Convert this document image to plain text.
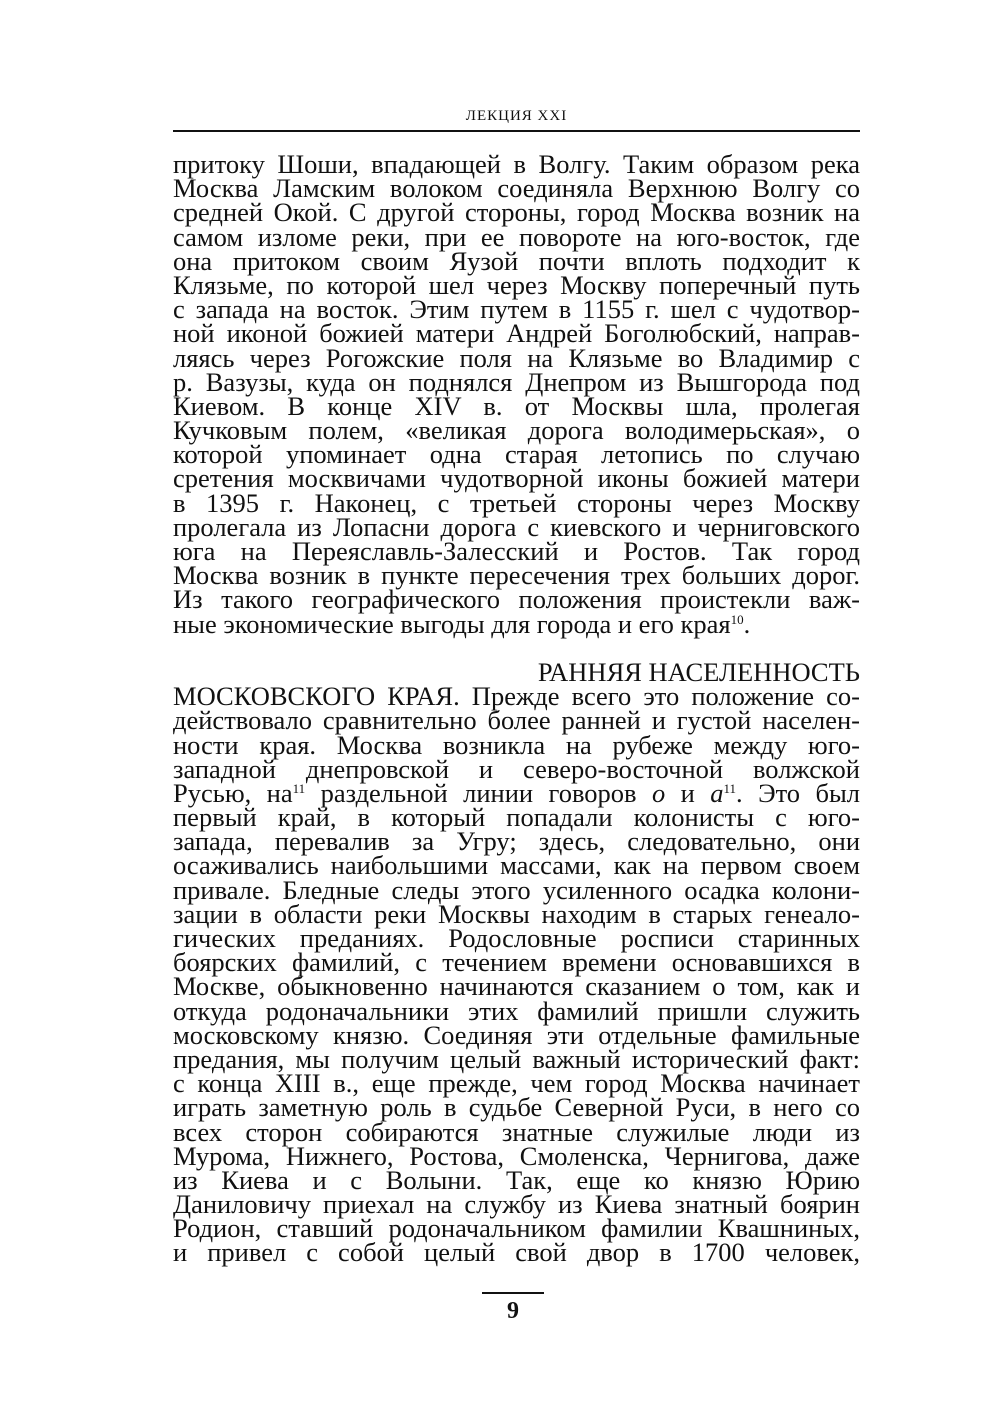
ЛЕКЦИЯ XXI
притоку Шоши, впадающей в Волгу. Таким образом река
Москва Ламским волоком соединяла Верхнюю Волгу со
средней Окой. С другой стороны, город Москва возник на
самом изломе реки, при ее повороте на юго-восток, где
она притоком своим Яузой почти вплоть подходит к
Клязьме, по которой шел через Москву поперечный путь
с запада на восток. Этим путем в 1155 г. шел с чудотвор-
ной иконой божией матери Андрей Боголюбский, направ-
ляясь через Рогожские поля на Клязьме во Владимир с
р. Вазузы, куда он поднялся Днепром из Вышгорода под
Киевом. В конце XIV в. от Москвы шла, пролегая
Кучковым полем, «великая дорога володимерьская», о
которой упоминает одна старая летопись по случаю
сретения москвичами чудотворной иконы божией матери
в 1395 г. Наконец, с третьей стороны через Москву
пролегала из Лопасни дорога с киевского и черниговского
юга на Переяславль-Залесский и Ростов. Так город
Москва возник в пункте пересечения трех больших дорог.
Из такого географического положения проистекли важ-
ные экономические выгоды для города и его края$^{10}$.
РАННЯЯ НАСЕЛЕННОСТЬ
МОСКОВСКОГО КРАЯ. Прежде всего это положение со-
действовало сравнительно более ранней и густой населен-
ности края. Москва возникла на рубеже между юго-
западной днепровской и северо-восточной волжской
Русью, $на^{11}$ раздельной линии говоров о и $а^{11}$. Это был
первый край, в который попадали колонисты с юго-
запада, перевалив за Угру; здесь, следовательно, они
осаживались наибольшими массами, как на первом своем
привале. Бледные следы этого усиленного осадка колони-
зации в области реки Москвы находим в старых генеало-
гических преданиях. Родословные росписи старинных
боярских фамилий, с течением времени основавшихся в
Москве, обыкновенно начинаются сказанием о том, как и
откуда родоначальники этих фамилий пришли служить
московскому князю. Соединяя эти отдельные фамильные
предания, мы получим целый важный исторический факт:
с конца XIII в., еще прежде, чем город Москва начинает
играть заметную роль в судьбе Северной Руси, в него со
всех сторон собираются знатные служилые люди из
Мурома, Нижнего, Ростова, Смоленска, Чернигова, даже
из Киева и с Волыни. Так, еще ко князю Юрию
Даниловичу приехал на службу из Киева знатный боярин
Родион, ставший родоначальником фамилии Квашниных,
и привел с собой целый свой двор в 1700 человек,
9
